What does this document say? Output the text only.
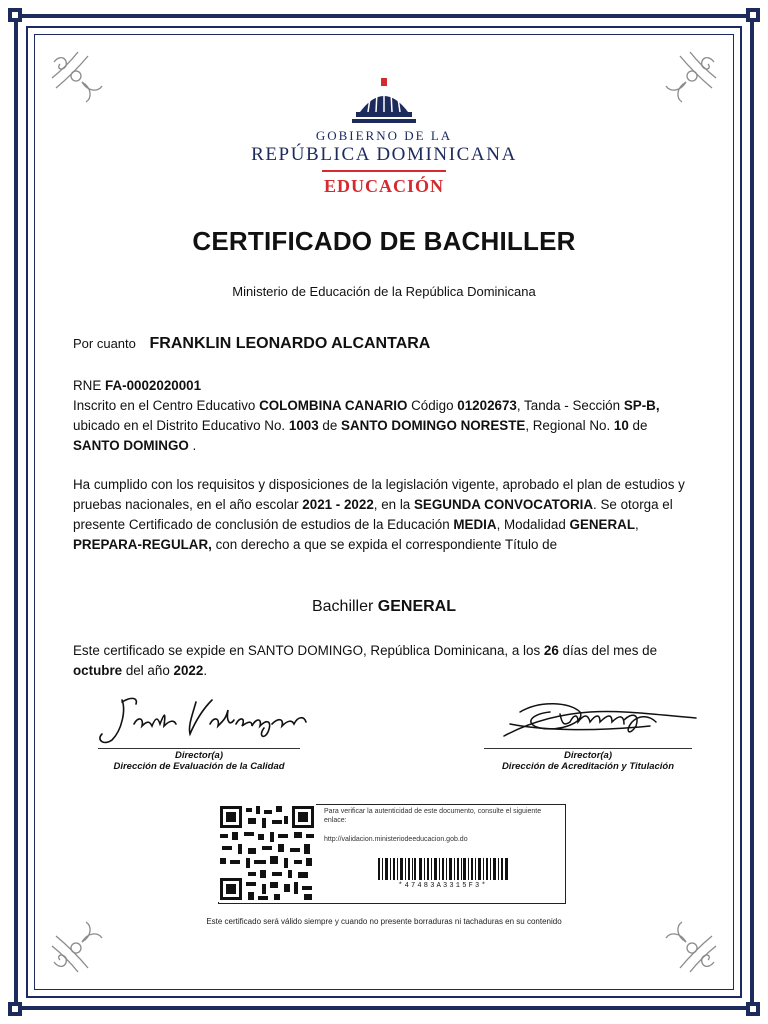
GOBIERNO DE LA
REPÚBLICA DOMINICANA
EDUCACIÓN
CERTIFICADO DE BACHILLER
Ministerio de Educación de la República Dominicana
Por cuanto FRANKLIN LEONARDO ALCANTARA
RNE FA-0002020001
Inscrito en el Centro Educativo COLOMBINA CANARIO Código 01202673, Tanda - Sección SP-B, ubicado en el Distrito Educativo No. 1003 de SANTO DOMINGO NORESTE, Regional No. 10 de SANTO DOMINGO .
Ha cumplido con los requisitos y disposiciones de la legislación vigente, aprobado el plan de estudios y pruebas nacionales, en el año escolar 2021 - 2022, en la SEGUNDA CONVOCATORIA. Se otorga el presente Certificado de conclusión de estudios de la Educación MEDIA, Modalidad GENERAL, PREPARA-REGULAR, con derecho a que se expida el correspondiente Título de
Bachiller GENERAL
Este certificado se expide en SANTO DOMINGO, República Dominicana, a los 26 días del mes de octubre del año 2022.
Director(a)
Dirección de Evaluación de la Calidad
Director(a)
Dirección de Acreditación y Titulación
Para verificar la autenticidad de este documento, consulte el siguiente enlace:
http://validacion.ministeriodeeducacion.gob.do
*47483A3315F3*
Este certificado será válido siempre y cuando no presente borraduras ni tachaduras en su contenido
